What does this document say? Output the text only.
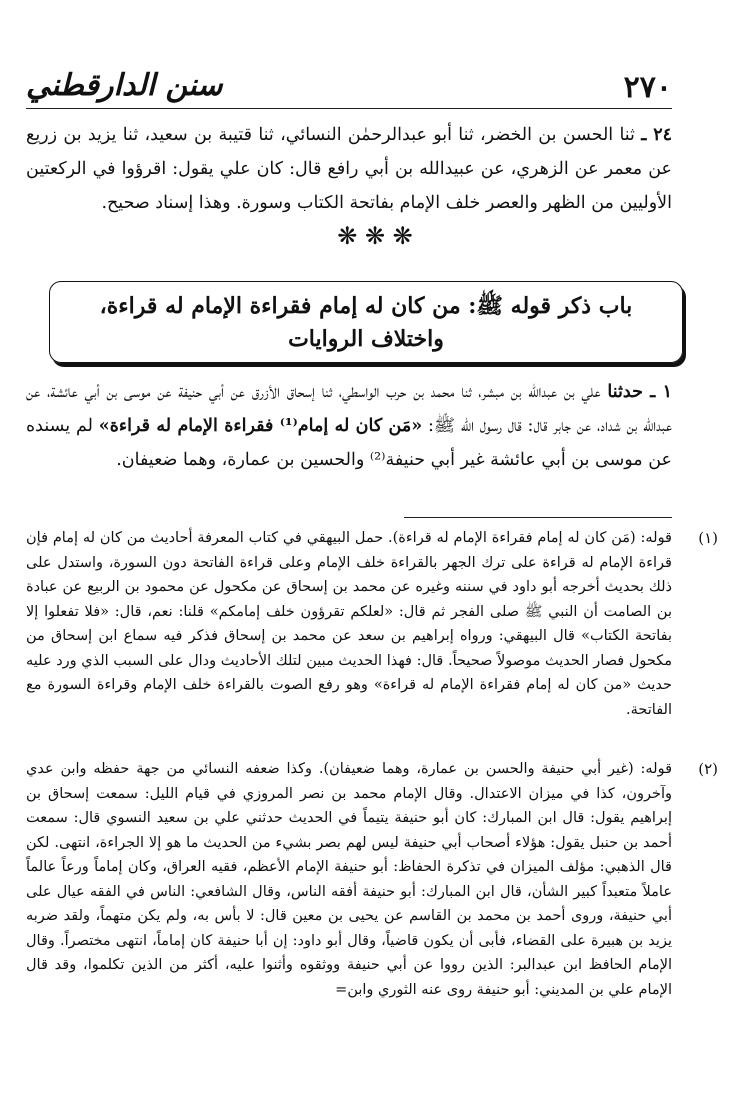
٢٧٠
سنن الدارقطني
٢٤ ـ ثنا الحسن بن الخضر، ثنا أبو عبدالرحمٰن النسائي، ثنا قتيبة بن سعيد، ثنا يزيد بن زريع عن معمر عن الزهري، عن عبيدالله بن أبي رافع قال: كان علي يقول: اقرؤوا في الركعتين الأوليين من الظهر والعصر خلف الإمام بفاتحة الكتاب وسورة. وهذا إسناد صحيح.
❋ ❋ ❋
باب ذكر قوله ﷺ: من كان له إمام فقراءة الإمام له قراءة،
واختلاف الروايات
١ ـ حدثنا علي بن عبدالله بن مبشر، ثنا محمد بن حرب الواسطي، ثنا إسحاق الأزرق عن أبي حنيفة عن موسى بن أبي عائشة، عن عبدالله بن شداد، عن جابر قال: قال رسول الله ﷺ: «مَن كان له إمام⁽¹⁾ فقراءة الإمام له قراءة» لم يسنده عن موسى بن أبي عائشة غير أبي حنيفة⁽²⁾ والحسين بن عمارة، وهما ضعيفان.
(١)
قوله: (مَن كان له إمام فقراءة الإمام له قراءة). حمل البيهقي في كتاب المعرفة أحاديث من كان له إمام فإن قراءة الإمام له قراءة على ترك الجهر بالقراءة خلف الإمام وعلى قراءة الفاتحة دون السورة، واستدل على ذلك بحديث أخرجه أبو داود في سننه وغيره عن محمد بن إسحاق عن مكحول عن محمود بن الربيع عن عبادة بن الصامت أن النبي ﷺ صلى الفجر ثم قال: «لعلكم تقرؤون خلف إمامكم» قلنا: نعم، قال: «فلا تفعلوا إلا بفاتحة الكتاب» قال البيهقي: ورواه إبراهيم بن سعد عن محمد بن إسحاق فذكر فيه سماع ابن إسحاق من مكحول فصار الحديث موصولاً صحيحاً. قال: فهذا الحديث مبين لتلك الأحاديث ودال على السبب الذي ورد عليه حديث «من كان له إمام فقراءة الإمام له قراءة» وهو رفع الصوت بالقراءة خلف الإمام وقراءة السورة مع الفاتحة.
(٢)
قوله: (غير أبي حنيفة والحسن بن عمارة، وهما ضعيفان). وكذا ضعفه النسائي من جهة حفظه وابن عدي وآخرون، كذا في ميزان الاعتدال. وقال الإمام محمد بن نصر المروزي في قيام الليل: سمعت إسحاق بن إبراهيم يقول: قال ابن المبارك: كان أبو حنيفة يتيماً في الحديث حدثني علي بن سعيد النسوي قال: سمعت أحمد بن حنبل يقول: هؤلاء أصحاب أبي حنيفة ليس لهم بصر بشيء من الحديث ما هو إلا الجراءة، انتهى. لكن قال الذهبي: مؤلف الميزان في تذكرة الحفاظ: أبو حنيفة الإمام الأعظم، فقيه العراق، وكان إماماً ورعاً عالماً عاملاً متعبداً كبير الشأن، قال ابن المبارك: أبو حنيفة أفقه الناس، وقال الشافعي: الناس في الفقه عيال على أبي حنيفة، وروى أحمد بن محمد بن القاسم عن يحيى بن معين قال: لا بأس به، ولم يكن متهماً، ولقد ضربه يزيد بن هبيرة على القضاء، فأبى أن يكون قاضياً، وقال أبو داود: إن أبا حنيفة كان إماماً، انتهى مختصراً. وقال الإمام الحافظ ابن عبدالبر: الذين رووا عن أبي حنيفة ووثقوه وأثنوا عليه، أكثر من الذين تكلموا، وقد قال الإمام علي بن المديني: أبو حنيفة روى عنه الثوري وابن=
